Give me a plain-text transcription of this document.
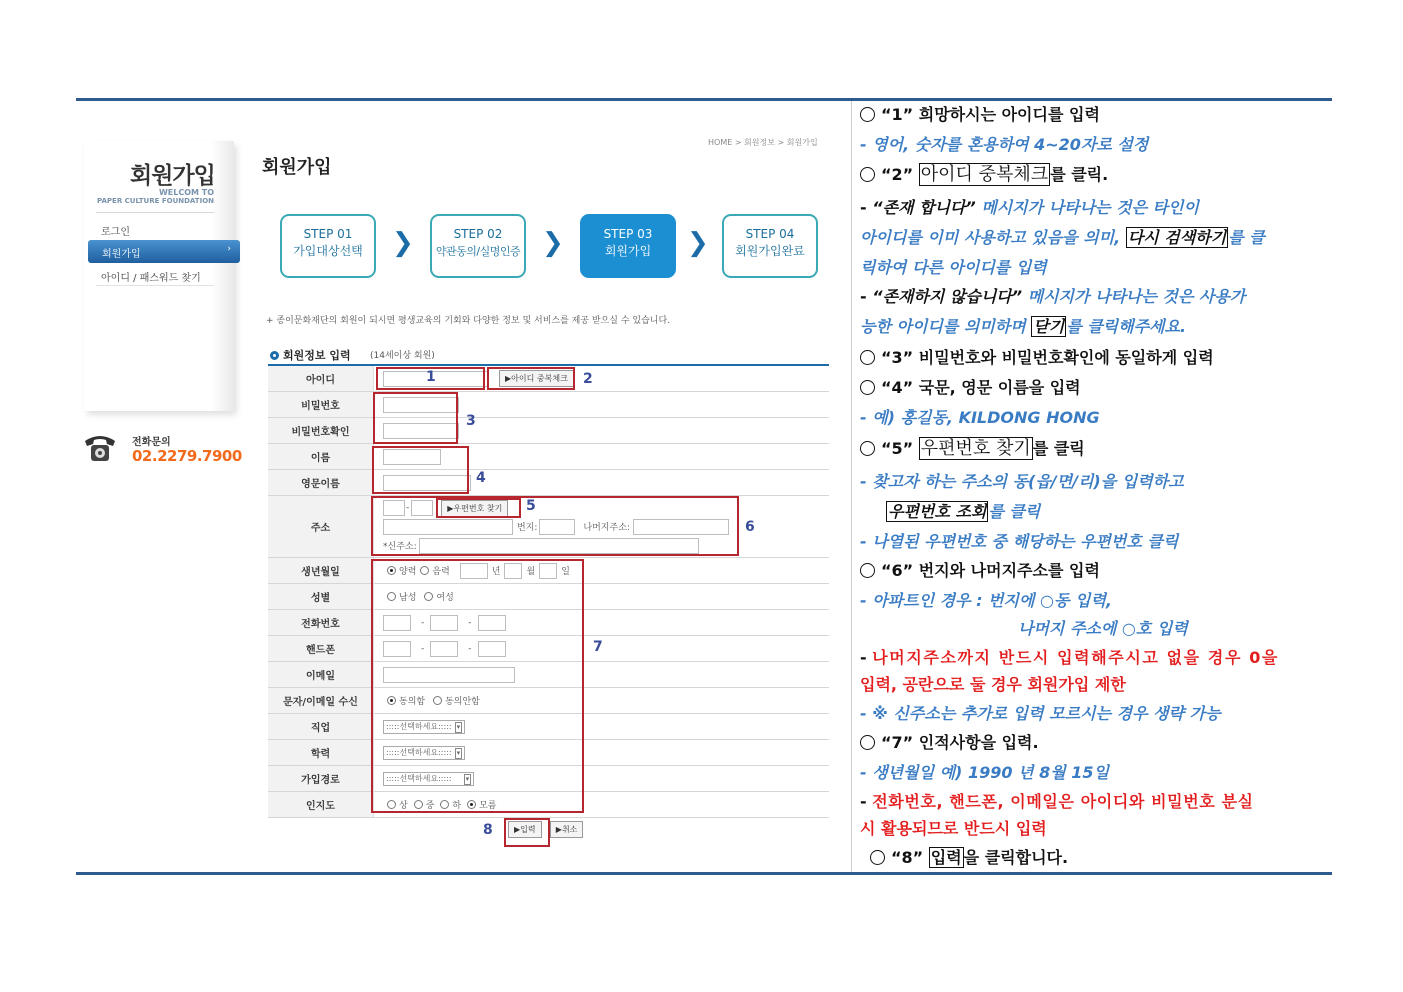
회원가입
WELCOM TO
PAPER CULTURE FOUNDATION
로그인
회원가입	›
아이디 / 패스워드 찾기
전화문의
02.2279.7900
회원가입
HOME > 회원정보 > 회원가입
STEP 01
가입대상선택	❯	STEP 02
약관동의/실명인증 ❯	STEP 03
회원가입	❯	STEP 04
회원가입완료
+ 종이문화재단의 회원이 되시면 평생교육의 기회와 다양한 정보 및 서비스를 제공 받으실 수 있습니다.
회원정보 입력 (14세이상 회원)
아이디	▶아이디 중복체크
비밀번호
비밀번호확인
이름
영문이름
주소
-	▶우편번호 찾기
번지:	나머지주소:
*신주소:
생년월일	양력 음력	년	월	일
성별	남성 여성
전화번호	-	-
핸드폰	-	-
이메일
문자/이메일 수신	동의함 동의안함
직업	:::::선택하세요::::: ▾
학력	:::::선택하세요::::: ▾
가입경로	:::::선택하세요::::: ▾
인지도	상 중 하 모름
▶입력	▶취소
1	2
3
4
5
6
7
8
“1” 희망하시는 아이디를 입력
- 영어, 숫자를 혼용하여 4~20자로 설정
“2” 아이디 중복체크 를 클릭.
- “존재 합니다” 메시지가 나타나는 것은 타인이
아이디를 이미 사용하고 있음을 의미, 다시 검색하기 를 클
릭하여 다른 아이디를 입력
- “존재하지 않습니다” 메시지가 나타나는 것은 사용가
능한 아이디를 의미하며 닫기 를 클릭해주세요.
“3” 비밀번호와 비밀번호확인에 동일하게 입력
“4” 국문, 영문 이름을 입력
- 예) 홍길동, KILDONG HONG
“5” 우편번호 찾기 를 클릭
- 찾고자 하는 주소의 동(읍/면/리)을 입력하고
우편번호 조회 를 클릭
- 나열된 우편번호 중 해당하는 우편번호 클릭
“6” 번지와 나머지주소를 입력
- 아파트인 경우 : 번지에 ○동 입력,
나머지 주소에 ○호 입력
- 나머지주소까지 반드시 입력해주시고 없을 경우 0을
입력, 공란으로 둘 경우 회원가입 제한
- ※ 신주소는 추가로 입력 모르시는 경우 생략 가능
“7” 인적사항을 입력.
- 생년월일 예) 1990 년 8월 15일
- 전화번호, 핸드폰, 이메일은 아이디와 비밀번호 분실
시 활용되므로 반드시 입력
“8” 입력 을 클릭합니다.
